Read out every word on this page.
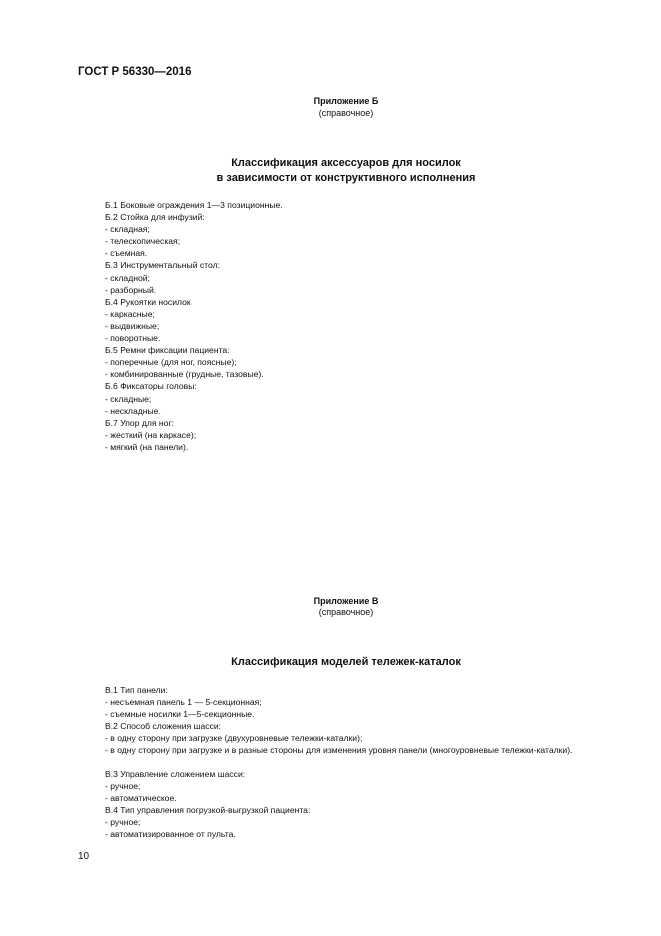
ГОСТ Р 56330—2016
Приложение Б
(справочное)
Классификация аксессуаров для носилок
в зависимости от конструктивного исполнения
Б.1 Боковые ограждения 1—3 позиционные.
Б.2 Стойка для инфузий:
- складная;
- телескопическая;
- съемная.
Б.3 Инструментальный стол:
- складной;
- разборный.
Б.4 Рукоятки носилок
- каркасные;
- выдвижные;
- поворотные.
Б.5 Ремни фиксации пациента:
- поперечные (для ног, поясные);
- комбинированные (грудные, тазовые).
Б.6 Фиксаторы головы:
- складные;
- нескладные.
Б.7 Упор для ног:
- жесткий (на каркасе);
- мягкий (на панели).
Приложение В
(справочное)
Классификация моделей тележек-каталок
В.1 Тип панели:
- несъемная панель 1 — 5-секционная;
- съемные носилки 1—5-секционные.
В.2 Способ сложения шасси:
- в одну сторону при загрузке (двухуровневые тележки-каталки);
- в одну сторону при загрузке и в разные стороны для изменения уровня панели (многоуровневые тележки-каталки).
В.3 Управление сложением шасси:
- ручное;
- автоматическое.
В.4 Тип управления погрузкой-выгрузкой пациента:
- ручное;
- автоматизированное от пульта.
10
